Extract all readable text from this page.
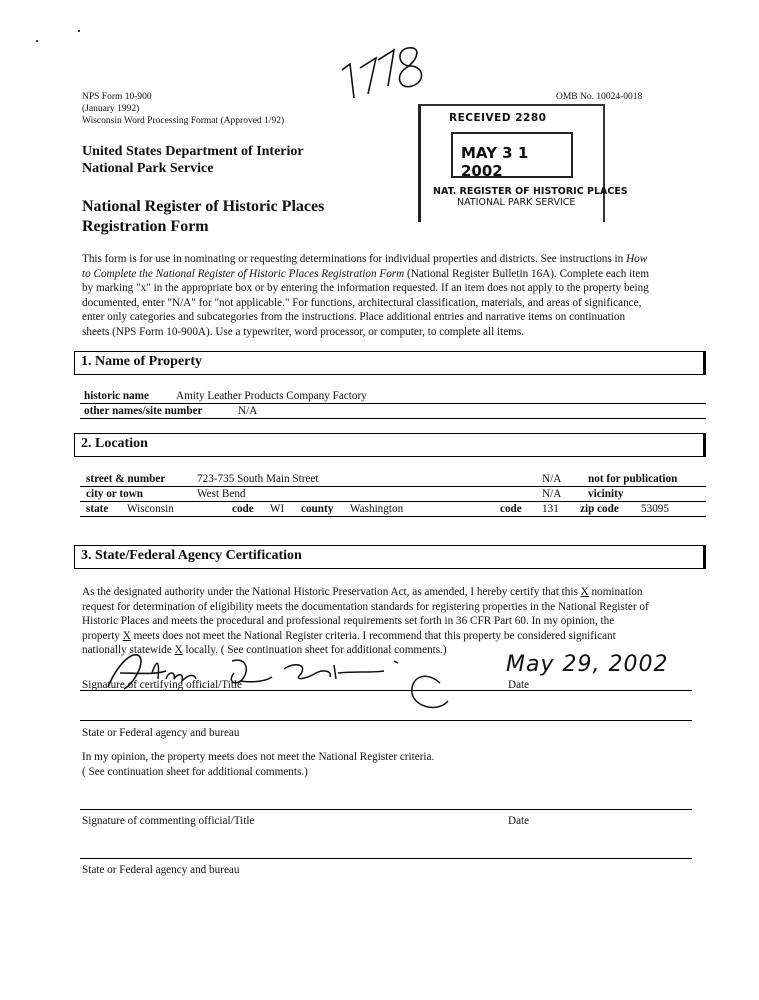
NPS Form 10-900
(January 1992)
Wisconsin Word Processing Format (Approved 1/92)
OMB No. 10024-0018
RECEIVED 2280
MAY 3 1 2002
NAT. REGISTER OF HISTORIC PLACES
NATIONAL PARK SERVICE
United States Department of Interior
National Park Service
National Register of Historic Places
Registration Form
This form is for use in nominating or requesting determinations for individual properties and districts. See instructions in How
to Complete the National Register of Historic Places Registration Form (National Register Bulletin 16A). Complete each item
by marking "x" in the appropriate box or by entering the information requested. If an item does not apply to the property being
documented, enter "N/A" for "not applicable." For functions, architectural classification, materials, and areas of significance,
enter only categories and subcategories from the instructions. Place additional entries and narrative items on continuation
sheets (NPS Form 10-900A). Use a typewriter, word processor, or computer, to complete all items.
1. Name of Property
historic name Amity Leather Products Company Factory
other names/site number	N/A
2. Location
street & number	723-735 South Main Street	N/A not for publication
city or town	West Bend	N/A vicinity
state Wisconsin	code WI county Washington	code 131 zip code 53095
3. State/Federal Agency Certification
As the designated authority under the National Historic Preservation Act, as amended, I hereby certify that this X nomination
request for determination of eligibility meets the documentation standards for registering properties in the National Register of
Historic Places and meets the procedural and professional requirements set forth in 36 CFR Part 60. In my opinion, the
property X meets does not meet the National Register criteria. I recommend that this property be considered significant
nationally statewide X locally. ( See continuation sheet for additional comments.)
May 29, 2002
Signature of certifying official/Title	Date
State or Federal agency and bureau
In my opinion, the property meets does not meet the National Register criteria.
( See continuation sheet for additional comments.)
Signature of commenting official/Title	Date
State or Federal agency and bureau
